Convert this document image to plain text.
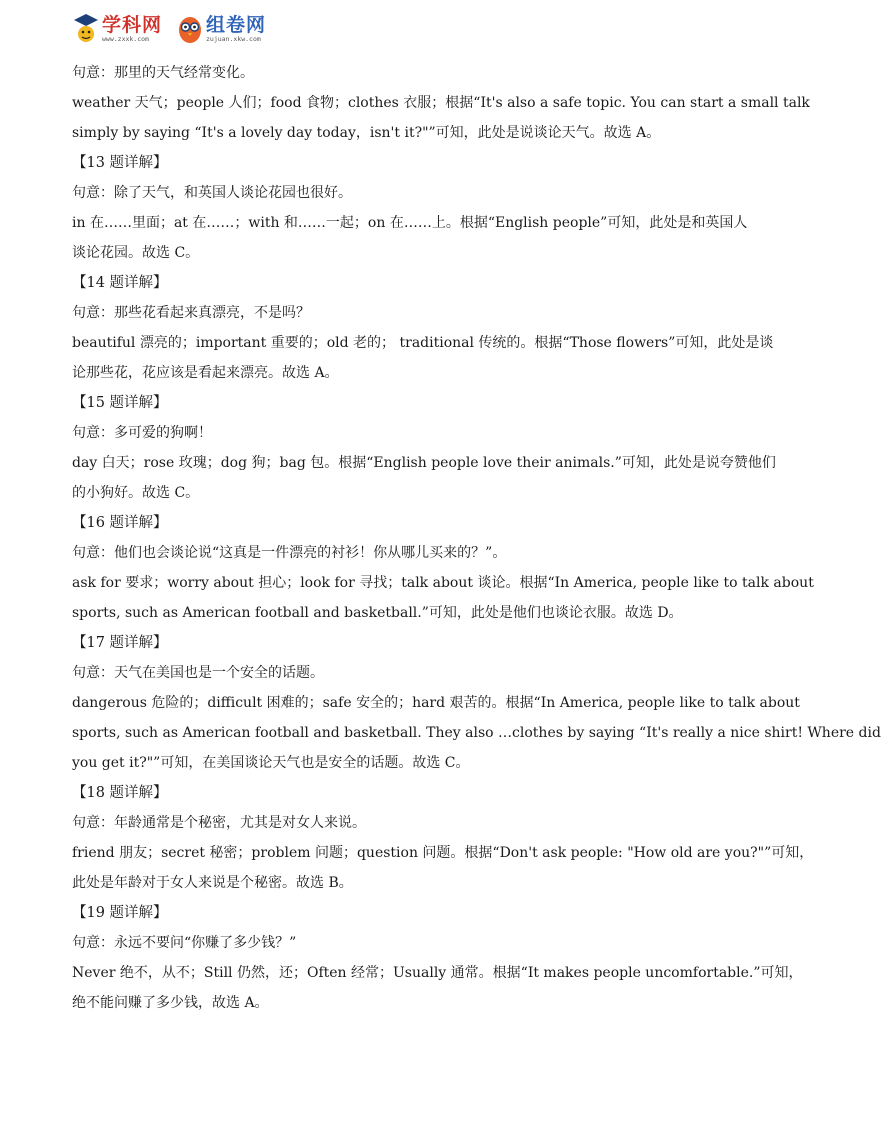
学科网
www.zxxk.com
组卷网
zujuan.xkw.com
句意：那里的天气经常变化。
weather 天气；people 人们；food 食物；clothes 衣服；根据“It's also a safe topic. You can start a small talk
simply by saying “It's a lovely day today，isn't it?"”可知，此处是说谈论天气。故选 A。
【13 题详解】
句意：除了天气，和英国人谈论花园也很好。
in 在……里面；at 在……；with 和……一起；on 在……上。根据“English people”可知，此处是和英国人
谈论花园。故选 C。
【14 题详解】
句意：那些花看起来真漂亮，不是吗？
beautiful 漂亮的；important 重要的；old 老的； traditional 传统的。根据“Those flowers”可知，此处是谈
论那些花，花应该是看起来漂亮。故选 A。
【15 题详解】
句意：多可爱的狗啊！
day 白天；rose 玫瑰；dog 狗；bag 包。根据“English people love their animals.”可知，此处是说夸赞他们
的小狗好。故选 C。
【16 题详解】
句意：他们也会谈论说“这真是一件漂亮的衬衫！你从哪儿买来的？”。
ask for 要求；worry about 担心；look for 寻找；talk about 谈论。根据“In America, people like to talk about
sports, such as American football and basketball.”可知，此处是他们也谈论衣服。故选 D。
【17 题详解】
句意：天气在美国也是一个安全的话题。
dangerous 危险的；difficult 困难的；safe 安全的；hard 艰苦的。根据“In America, people like to talk about
sports, such as American football and basketball. They also …clothes by saying “It's really a nice shirt! Where did
you get it?"”可知，在美国谈论天气也是安全的话题。故选 C。
【18 题详解】
句意：年龄通常是个秘密，尤其是对女人来说。
friend 朋友；secret 秘密；problem 问题；question 问题。根据“Don't ask people: "How old are you?"”可知，
此处是年龄对于女人来说是个秘密。故选 B。
【19 题详解】
句意：永远不要问“你赚了多少钱？”
Never 绝不，从不；Still 仍然，还；Often 经常；Usually 通常。根据“It makes people uncomfortable.”可知，
绝不能问赚了多少钱，故选 A。
